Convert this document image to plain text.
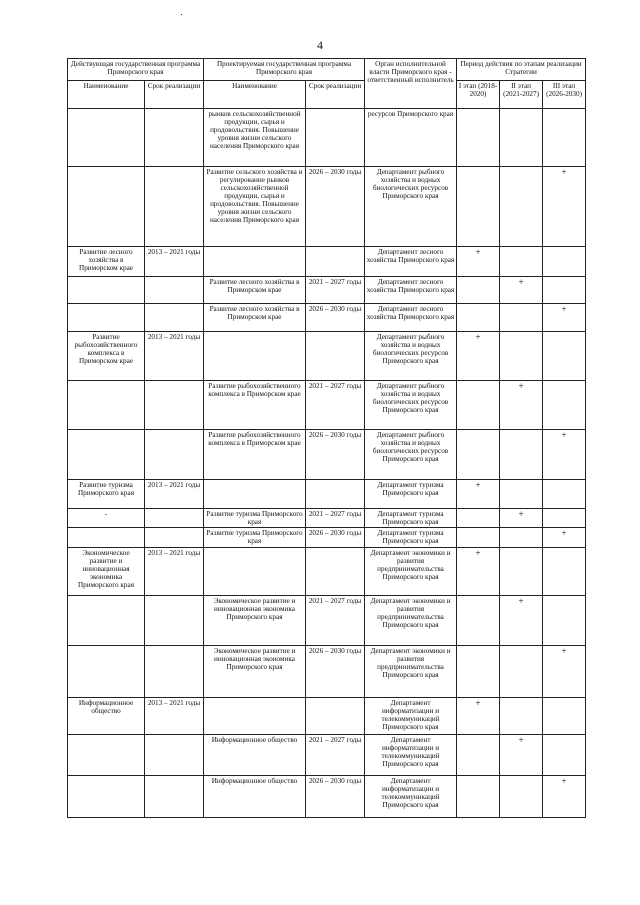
4
Действующая государственная программа Приморского края		Проектируемая государственная программа Приморского края		Орган исполнительной власти Приморского края - ответственный исполнитель	Период действия по этапам реализации Стратегии		
Наименование	Срок реализации	Наименование	Срок реализации		I этап (2018-2020)	II этап (2021-2027)	III этап (2026-2030)
		рынков сельскохозяйственной продукции, сырья и продовольствия. Повышение уровня жизни сельского населения Приморского края		ресурсов Приморского края			
		Развитие сельского хозяйства и регулирование рынков сельскохозяйственной продукции, сырья и продовольствия. Повышение уровня жизни сельского населения Приморского края	2026 – 2030 годы	Департамент рыбного хозяйства и водных биологических ресурсов Приморского края			+
Развитие лесного хозяйства в Приморском крае	2013 – 2021 годы			Департамент лесного хозяйства Приморского края	+		
		Развитие лесного хозяйства в Приморском крае	2021 – 2027 годы	Департамент лесного хозяйства Приморского края		+	
		Развитие лесного хозяйства в Приморском крае	2026 – 2030 годы	Департамент лесного хозяйства Приморского края			+
Развитие рыбохозяйственного комплекса в Приморском крае	2013 – 2021 годы			Департамент рыбного хозяйства и водных биологических ресурсов Приморского края	+		
		Развитие рыбохозяйственного комплекса в Приморском крае	2021 – 2027 годы	Департамент рыбного хозяйства и водных биологических ресурсов Приморского края		+	
		Развитие рыбохозяйственного комплекса в Приморском крае	2026 – 2030 годы	Департамент рыбного хозяйства и водных биологических ресурсов Приморского края			+
Развитие туризма Приморского края	2013 – 2021 годы			Департамент туризма Приморского края	+		
-		Развитие туризма Приморского края	2021 – 2027 годы	Департамент туризма Приморского края		+	
		Развитие туризма Приморского края	2026 – 2030 годы	Департамент туризма Приморского края			+
Экономическое развитие и инновационная экономика Приморского края	2013 – 2021 годы			Департамент экономики и развития предпринимательства Приморского края	+		
		Экономическое развитие и инновационная экономика Приморского края	2021 – 2027 годы	Департамент экономики и развития предпринимательства Приморского края		+	
		Экономическое развитие и инновационная экономика Приморского края	2026 – 2030 годы	Департамент экономики и развития предпринимательства Приморского края			+
Информационное общество	2013 – 2021 годы			Департамент информатизации и телекоммуникаций Приморского края	+		
		Информационное общество	2021 – 2027 годы	Департамент информатизации и телекоммуникаций Приморского края		+	
		Информационное общество	2026 – 2030 годы	Департамент информатизации и телекоммуникаций Приморского края			+
